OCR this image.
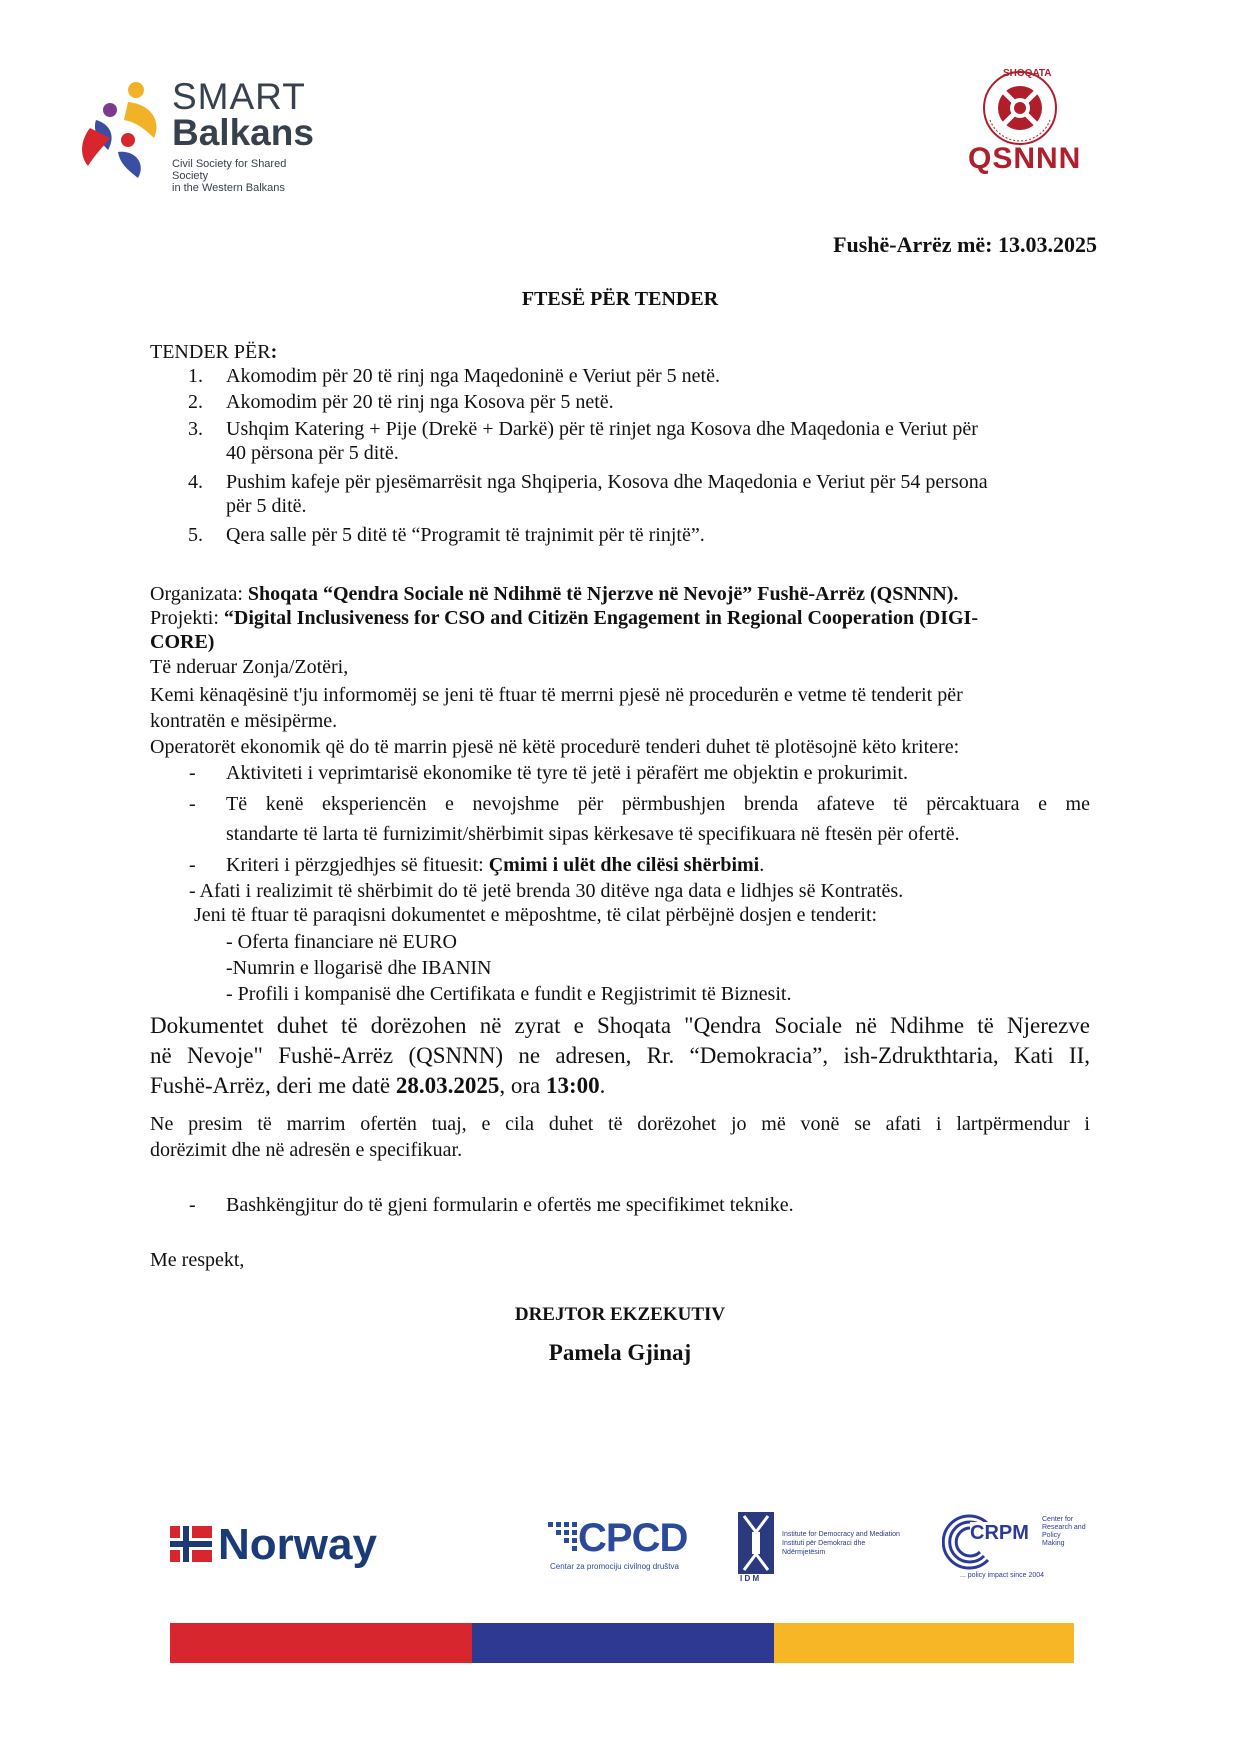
SMART
Balkans
Civil Society for Shared Society
in the Western Balkans
SHOQATA
QSNNN
Fushë-Arrëz më: 13.03.2025
FTESË PËR TENDER
TENDER PËR:
1. Akomodim për 20 të rinj nga Maqedoninë e Veriut për 5 netë.
2. Akomodim për 20 të rinj nga Kosova për 5 netë.
3. Ushqim Katering + Pije (Drekë + Darkë) për të rinjet nga Kosova dhe Maqedonia e Veriut për
40 përsona për 5 ditë.
4. Pushim kafeje për pjesëmarrësit nga Shqiperia, Kosova dhe Maqedonia e Veriut për 54 persona
për 5 ditë.
5. Qera salle për 5 ditë të “Programit të trajnimit për të rinjtë”.
Organizata: Shoqata “Qendra Sociale në Ndihmë të Njerzve në Nevojë” Fushë-Arrëz (QSNNN).
Projekti: “Digital Inclusiveness for CSO and Citizën Engagement in Regional Cooperation (DIGI-
CORE)
Të nderuar Zonja/Zotëri,
Kemi kënaqësinë t'ju informomëj se jeni të ftuar të merrni pjesë në procedurën e vetme të tenderit për
kontratën e mësipërme.
Operatorët ekonomik që do të marrin pjesë në këtë procedurë tenderi duhet të plotësojnë këto kritere:
- Aktiviteti i veprimtarisë ekonomike të tyre të jetë i përafërt me objektin e prokurimit.
- Të kenë eksperiencën e nevojshme për përmbushjen brenda afateve të përcaktuara e me
standarte të larta të furnizimit/shërbimit sipas kërkesave të specifikuara në ftesën për ofertë.
- Kriteri i përzgjedhjes së fituesit: Çmimi i ulët dhe cilësi shërbimi.
- Afati i realizimit të shërbimit do të jetë brenda 30 ditëve nga data e lidhjes së Kontratës.
Jeni të ftuar të paraqisni dokumentet e mëposhtme, të cilat përbëjnë dosjen e tenderit:
- Oferta financiare në EURO
-Numrin e llogarisë dhe IBANIN
- Profili i kompanisë dhe Certifikata e fundit e Regjistrimit të Biznesit.
Dokumentet duhet të dorëzohen në zyrat e Shoqata "Qendra Sociale në Ndihme të Njerezve
në Nevoje" Fushë-Arrëz (QSNNN) ne adresen, Rr. “Demokracia”, ish-Zdrukthtaria, Kati II,
Fushë-Arrëz, deri me datë 28.03.2025, ora 13:00.
Ne presim të marrim ofertën tuaj, e cila duhet të dorëzohet jo më vonë se afati i lartpërmendur i
dorëzimit dhe në adresën e specifikuar.
- Bashkëngjitur do të gjeni formularin e ofertës me specifikimet teknike.
Me respekt,
DREJTOR EKZEKUTIV
Pamela Gjinaj
Norway	CPCD
Centar za promociju civilnog društva
Institute for Democracy and Mediation
Instituti për Demokraci dhe Ndërmjetësim
I D M
CRPM
Center for
Research and
Policy
Making
... policy impact since 2004
